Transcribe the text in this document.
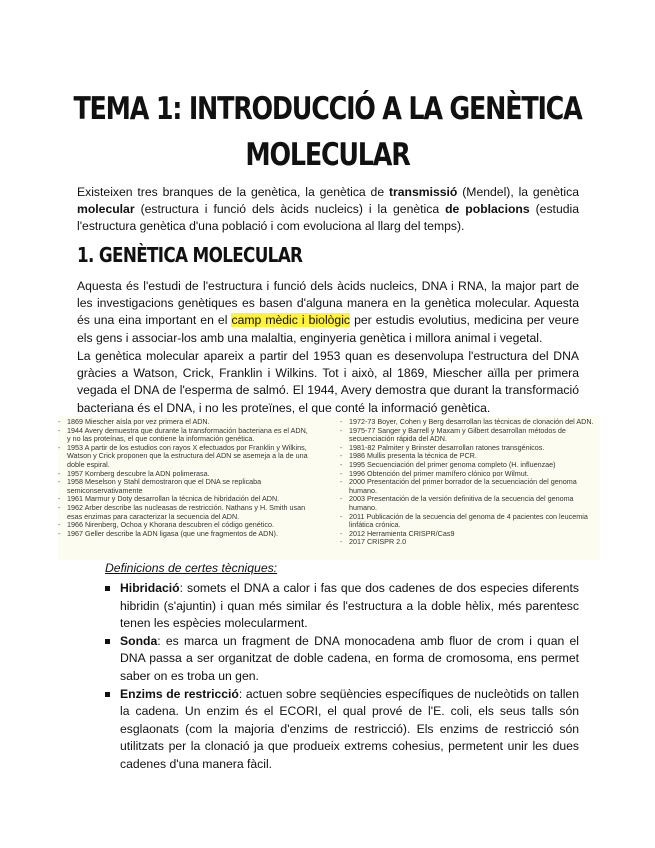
TEMA 1: INTRODUCCIÓ A LA GENÈTICA
MOLECULAR
Existeixen tres branques de la genètica, la genètica de transmissió (Mendel), la genètica molecular (estructura i funció dels àcids nucleics) i la genètica de poblacions (estudia l'estructura genètica d'una població i com evoluciona al llarg del temps).
1. GENÈTICA MOLECULAR
Aquesta és l'estudi de l'estructura i funció dels àcids nucleics, DNA i RNA, la major part de les investigacions genètiques es basen d'alguna manera en la genètica molecular. Aquesta és una eina important en el camp mèdic i biològic per estudis evolutius, medicina per veure els gens i associar-los amb una malaltia, enginyeria genètica i millora animal i vegetal.
La genètica molecular apareix a partir del 1953 quan es desenvolupa l'estructura del DNA gràcies a Watson, Crick, Franklin i Wilkins. Tot i això, al 1869, Miescher aïlla per primera vegada el DNA de l'esperma de salmó. El 1944, Avery demostra que durant la transformació bacteriana és el DNA, i no les proteïnes, el que conté la informació genètica.
- 1869 Miescher aísla por vez primera el ADN.
- 1944 Avery demuestra que durante la transformación bacteriana es el ADN, y no las proteínas, el que contiene la información genética.
- 1953 A partir de los estudios con rayos X efectuados por Franklin y Wilkins, Watson y Crick proponen que la estructura del ADN se asemeja a la de una doble espiral.
- 1957 Kornberg descubre la ADN polimerasa.
- 1958 Meselson y Stahl demostraron que el DNA se replicaba semiconservativamente
- 1961 Marmur y Doty desarrollan la técnica de hibridación del ADN.
- 1962 Arber describe las nucleasas de restricción. Nathans y H. Smith usan esas enzimas para caracterizar la secuencia del ADN.
- 1966 Nirenberg, Ochoa y Khorana descubren el código genético.
- 1967 Geller describe la ADN ligasa (que une fragmentos de ADN).
- 1972-73 Boyer, Cohen y Berg desarrollan las técnicas de clonación del ADN.
- 1975-77 Sanger y Barrell y Maxam y Gilbert desarrollan métodos de secuenciación rápida del ADN.
- 1981-82 Palmiter y Brinster desarrollan ratones transgénicos.
- 1986 Mullis presenta la técnica de PCR.
- 1995 Secuenciación del primer genoma completo (H. influenzae)
- 1996 Obtención del primer mamífero clónico por Wilmut.
- 2000 Presentación del primer borrador de la secuenciación del genoma humano.
- 2003 Presentación de la versión definitiva de la secuencia del genoma humano.
- 2011 Publicación de la secuencia del genoma de 4 pacientes con leucemia linfática crónica.
- 2012 Herramienta CRISPR/Cas9
- 2017 CRISPR 2.0
Definicions de certes tècniques:
Hibridació: somets el DNA a calor i fas que dos cadenes de dos especies diferents hibridin (s'ajuntin) i quan més similar és l'estructura a la doble hèlix, més parentesc tenen les espècies molecularment.
Sonda: es marca un fragment de DNA monocadena amb fluor de crom i quan el DNA passa a ser organitzat de doble cadena, en forma de cromosoma, ens permet saber on es troba un gen.
Enzims de restricció: actuen sobre seqüències específiques de nucleòtids on tallen la cadena. Un enzim és el ECORI, el qual prové de l'E. coli, els seus talls són esglaonats (com la majoria d'enzims de restricció). Els enzims de restricció són utilitzats per la clonació ja que produeix extrems cohesius, permetent unir les dues cadenes d'una manera fàcil.
